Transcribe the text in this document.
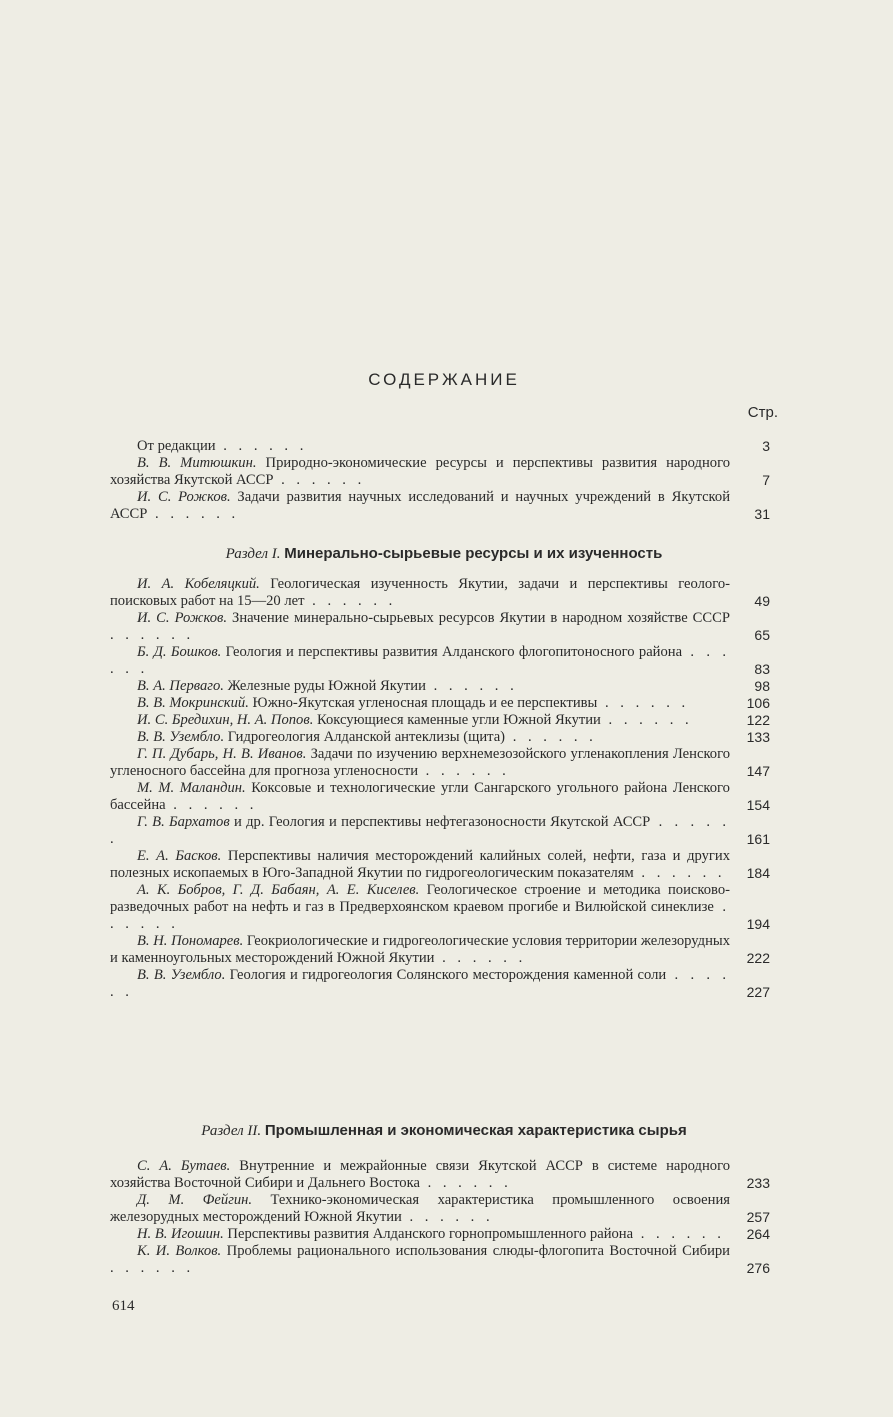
СОДЕРЖАНИЕ
Стр.
От редакции . . . . . .	3
В. В. Митюшкин. Природно-экономические ресурсы и перспективы развития народного хозяйства Якутской АССР . . . . . .	7
И. С. Рожков. Задачи развития научных исследований и научных учреждений в Якутской АССР . . . . . .	31
Раздел I. Минерально-сырьевые ресурсы и их изученность
И. А. Кобеляцкий. Геологическая изученность Якутии, задачи и перспективы геолого-поисковых работ на 15—20 лет . . . . . .	49
И. С. Рожков. Значение минерально-сырьевых ресурсов Якутии в народном хозяйстве СССР . . . . . .	65
Б. Д. Бошков. Геология и перспективы развития Алданского флогопитоносного района . . . . . .	83
В. А. Перваго. Железные руды Южной Якутии . . . . . .	98
В. В. Мокринский. Южно-Якутская угленосная площадь и ее перспективы . . . . . .	106
И. С. Бредихин, Н. А. Попов. Коксующиеся каменные угли Южной Якутии . . . . . .	122
В. В. Узембло. Гидрогеология Алданской антеклизы (щита) . . . . . .	133
Г. П. Дубарь, Н. В. Иванов. Задачи по изучению верхнемезозойского угленакопления Ленского угленосного бассейна для прогноза угленосности . . . . . .	147
М. М. Маландин. Коксовые и технологические угли Сангарского угольного района Ленского бассейна . . . . . .	154
Г. В. Бархатов и др. Геология и перспективы нефтегазоносности Якутской АССР . . . . . .	161
Е. А. Басков. Перспективы наличия месторождений калийных солей, нефти, газа и других полезных ископаемых в Юго-Западной Якутии по гидрогеологическим показателям . . . . . . 184
А. К. Бобров, Г. Д. Бабаян, А. Е. Киселев. Геологическое строение и методика поисково-разведочных работ на нефть и газ в Предверхоянском краевом прогибе и Вилюйской синеклизе . . . . . .	194
В. Н. Пономарев. Геокриологические и гидрогеологические условия территории железорудных и каменноугольных месторождений Южной Якутии . . . . . .	222
В. В. Узембло. Геология и гидрогеология Солянского месторождения каменной соли . . . . . .	227
Раздел II. Промышленная и экономическая характеристика сырья
С. А. Бутаев. Внутренние и межрайонные связи Якутской АССР в системе народного хозяйства Восточной Сибири и Дальнего Востока . . . . . .	233
Д. М. Фейгин. Технико-экономическая характеристика промышленного освоения железорудных месторождений Южной Якутии . . . . . .	257
Н. В. Игошин. Перспективы развития Алданского горнопромышленного района . . . . . . 264
К. И. Волков. Проблемы рационального использования слюды-флогопита Восточной Сибири . . . . . .	276
614
